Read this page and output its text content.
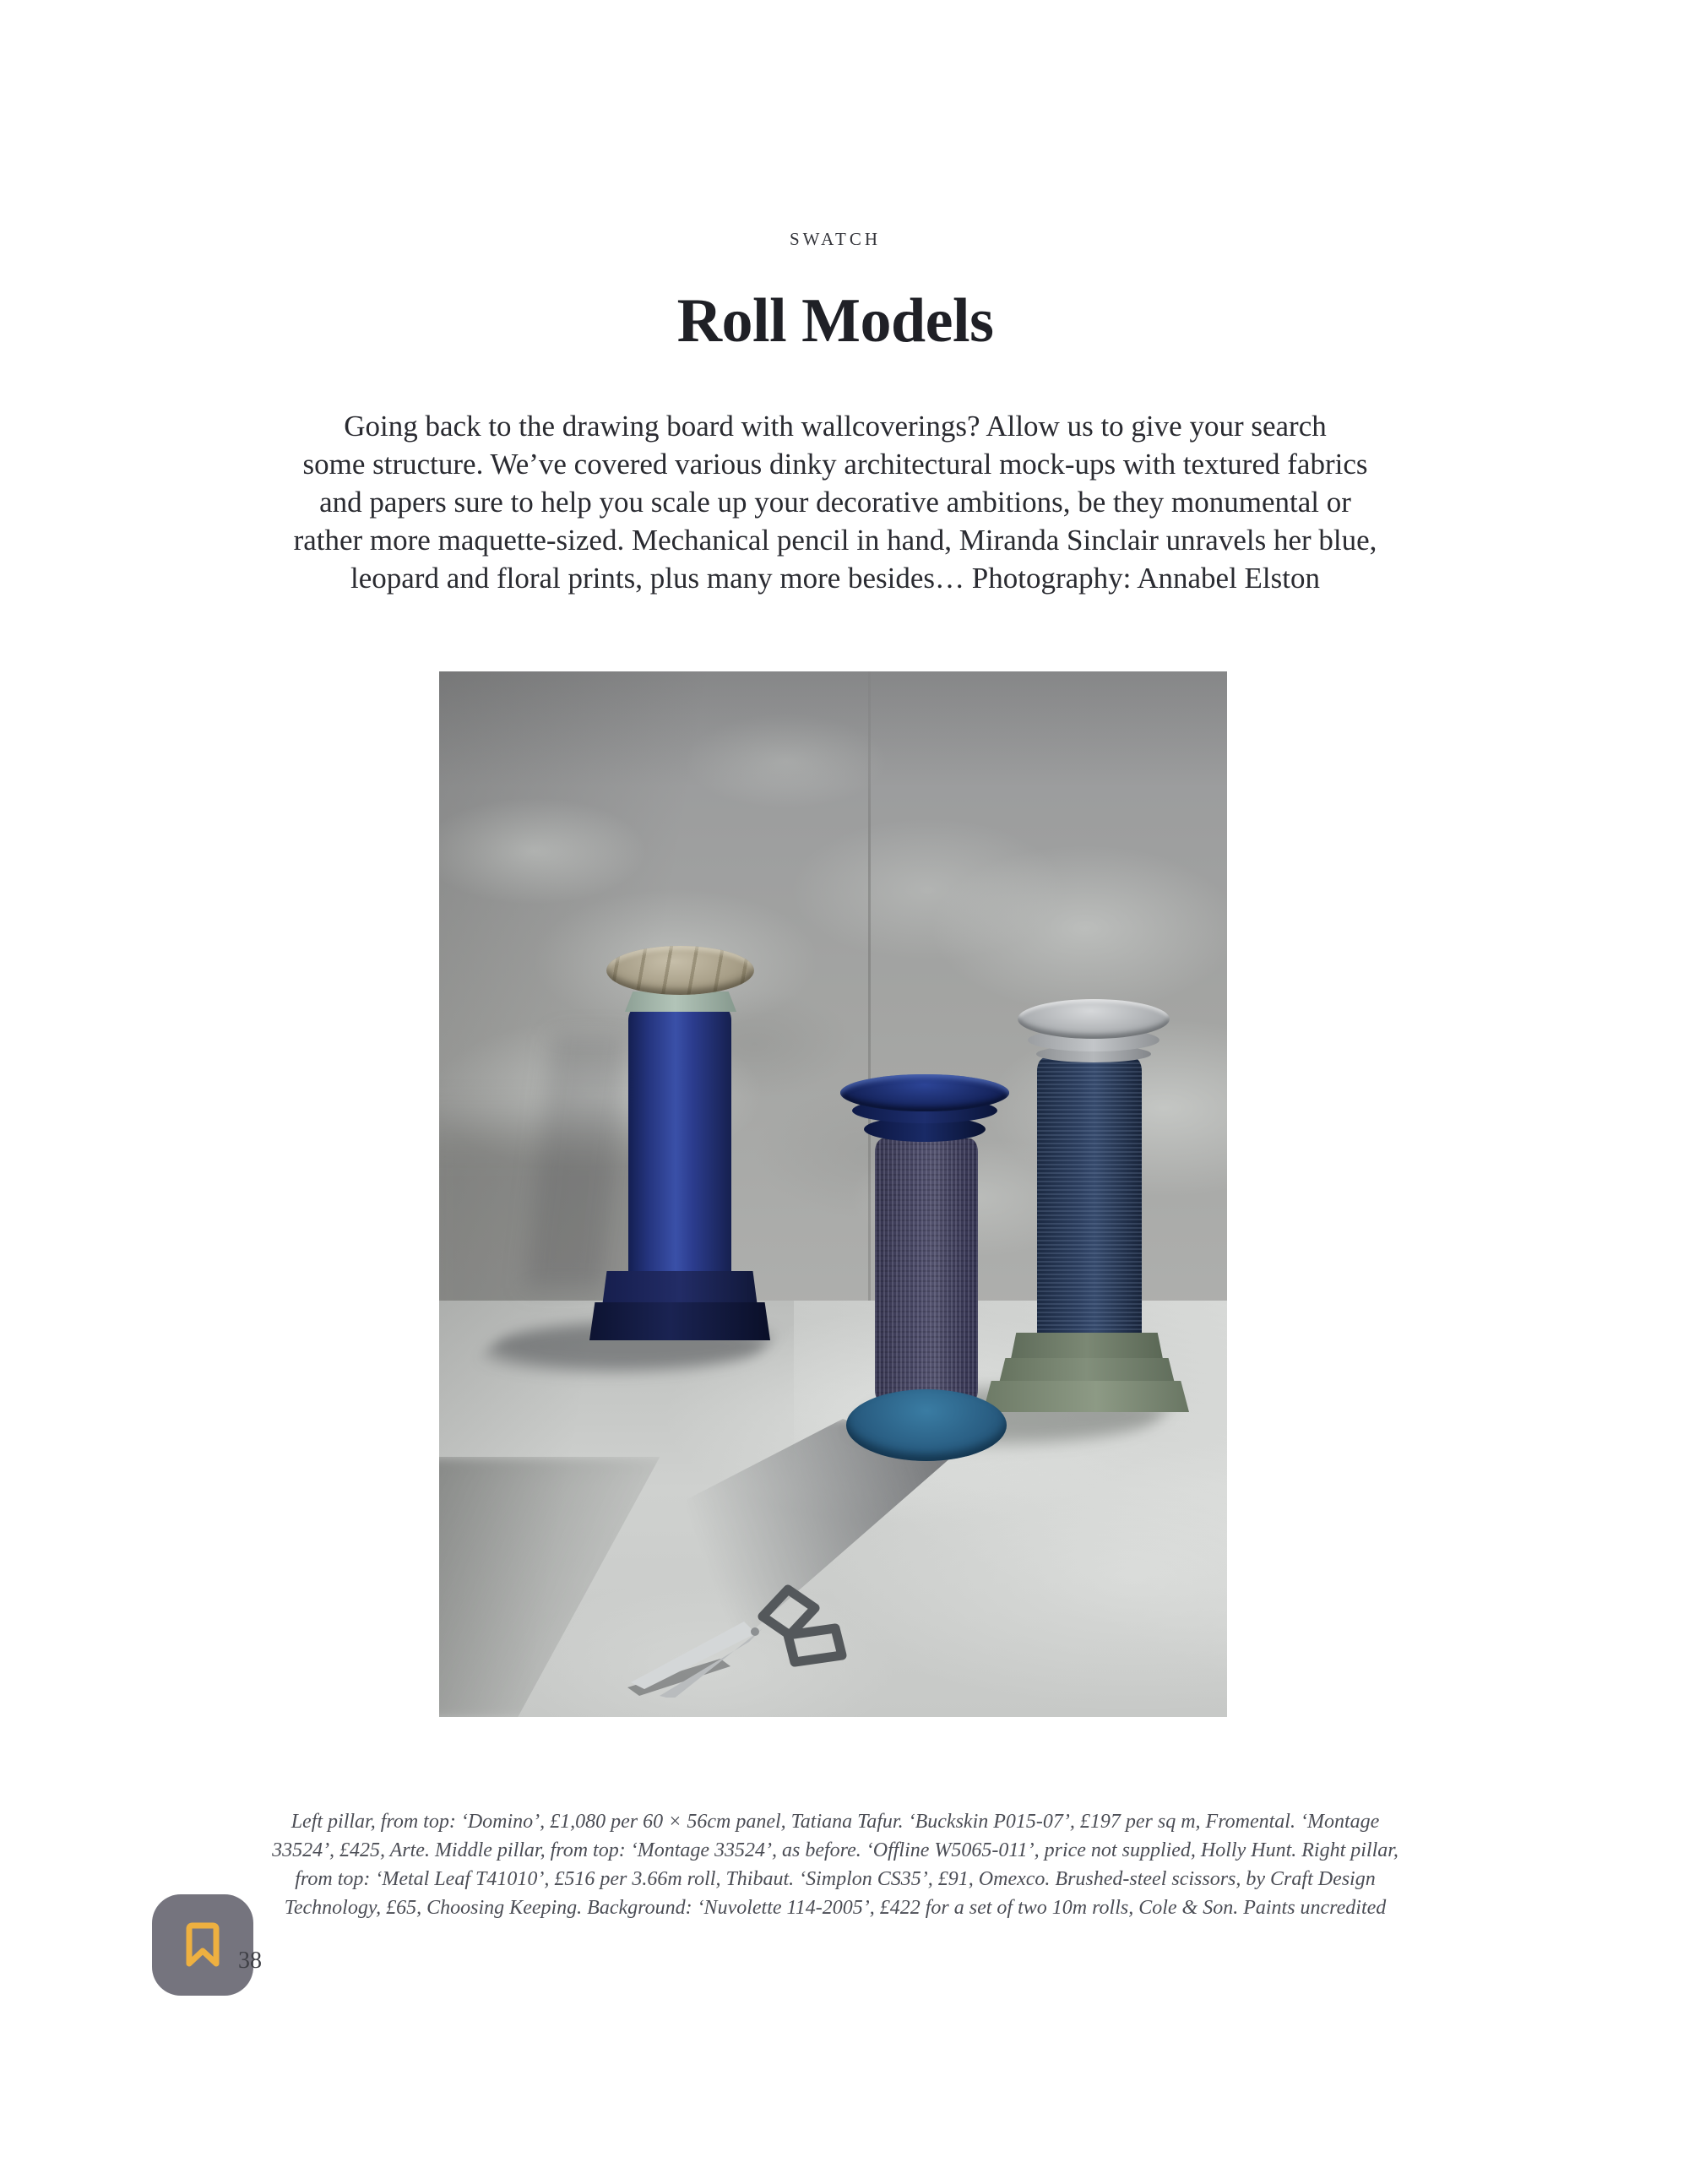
SWATCH
Roll Models
Going back to the drawing board with wallcoverings? Allow us to give your search
some structure. We’ve covered various dinky architectural mock-ups with textured fabrics
and papers sure to help you scale up your decorative ambitions, be they monumental or
rather more maquette-sized. Mechanical pencil in hand, Miranda Sinclair unravels her blue,
leopard and floral prints, plus many more besides… Photography: Annabel Elston
Left pillar, from top: ‘Domino’, £1,080 per 60 × 56cm panel, Tatiana Tafur. ‘Buckskin P015-07’, £197 per sq m, Fromental. ‘Montage
33524’, £425, Arte. Middle pillar, from top: ‘Montage 33524’, as before. ‘Offline W5065-011’, price not supplied, Holly Hunt. Right pillar,
from top: ‘Metal Leaf T41010’, £516 per 3.66m roll, Thibaut. ‘Simplon CS35’, £91, Omexco. Brushed-steel scissors, by Craft Design
Technology, £65, Choosing Keeping. Background: ‘Nuvolette 114-2005’, £422 for a set of two 10m rolls, Cole & Son. Paints uncredited
38
